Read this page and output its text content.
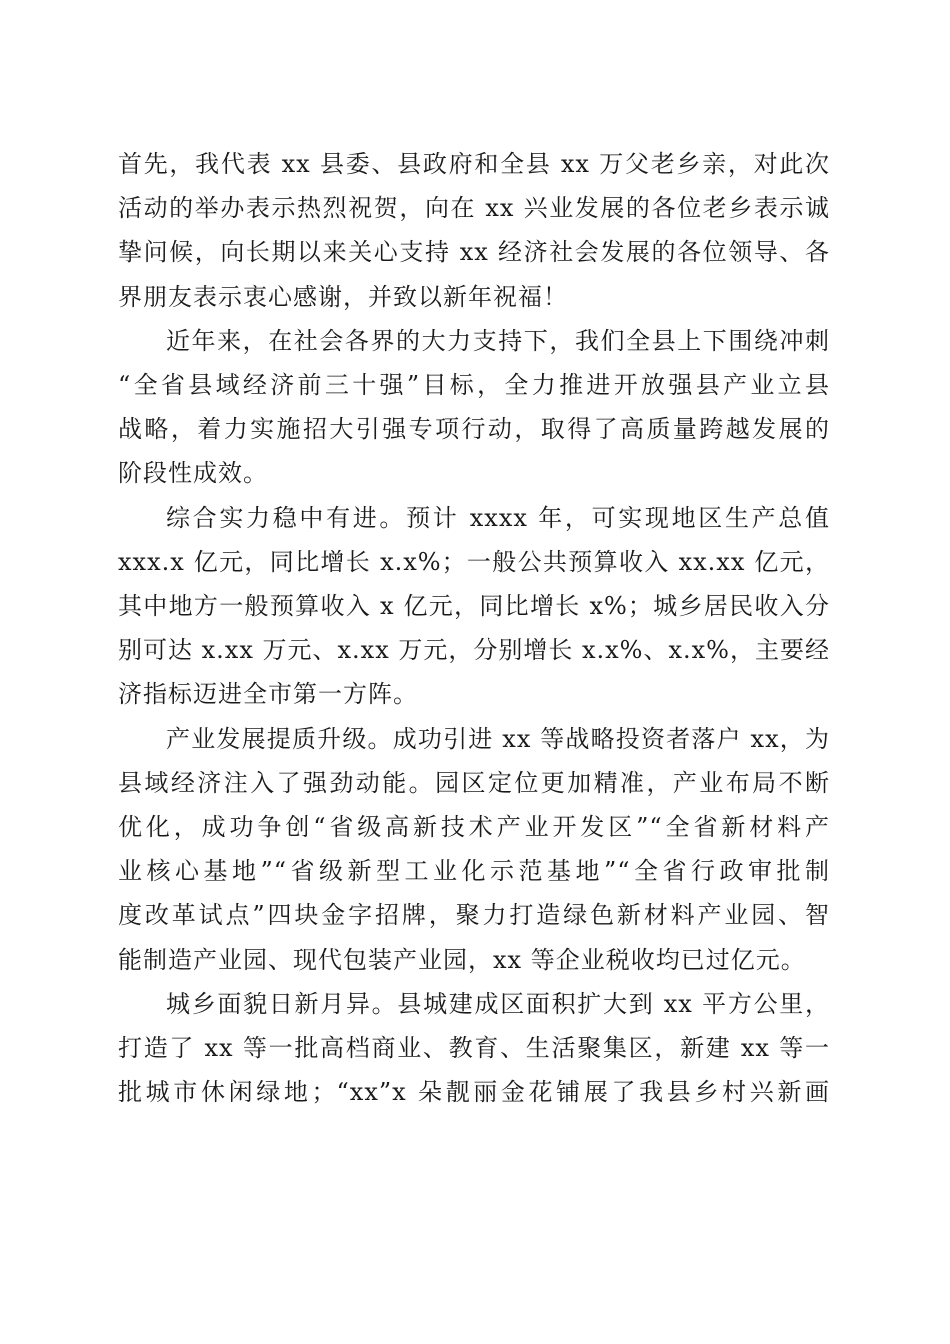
首先，我代表 xx 县委、县政府和全县 xx 万父老乡亲，对此次
活动的举办表示热烈祝贺，向在 xx 兴业发展的各位老乡表示诚
挚问候，向长期以来关心支持 xx 经济社会发展的各位领导、各
界朋友表示衷心感谢，并致以新年祝福！
近年来，在社会各界的大力支持下，我们全县上下围绕冲刺
“全省县域经济前三十强”目标，全力推进开放强县产业立县
战略，着力实施招大引强专项行动，取得了高质量跨越发展的
阶段性成效。
综合实力稳中有进。预计 xxxx 年，可实现地区生产总值
xxx.x 亿元，同比增长 x.x%；一般公共预算收入 xx.xx 亿元，
其中地方一般预算收入 x 亿元，同比增长 x%；城乡居民收入分
别可达 x.xx 万元、x.xx 万元，分别增长 x.x%、x.x%，主要经
济指标迈进全市第一方阵。
产业发展提质升级。成功引进 xx 等战略投资者落户 xx，为
县域经济注入了强劲动能。园区定位更加精准，产业布局不断
优化，成功争创“省级高新技术产业开发区”“全省新材料产
业核心基地”“省级新型工业化示范基地”“全省行政审批制
度改革试点”四块金字招牌，聚力打造绿色新材料产业园、智
能制造产业园、现代包装产业园，xx 等企业税收均已过亿元。
城乡面貌日新月异。县城建成区面积扩大到 xx 平方公里，
打造了 xx 等一批高档商业、教育、生活聚集区，新建 xx 等一
批城市休闲绿地；“xx”x 朵靓丽金花铺展了我县乡村兴新画
